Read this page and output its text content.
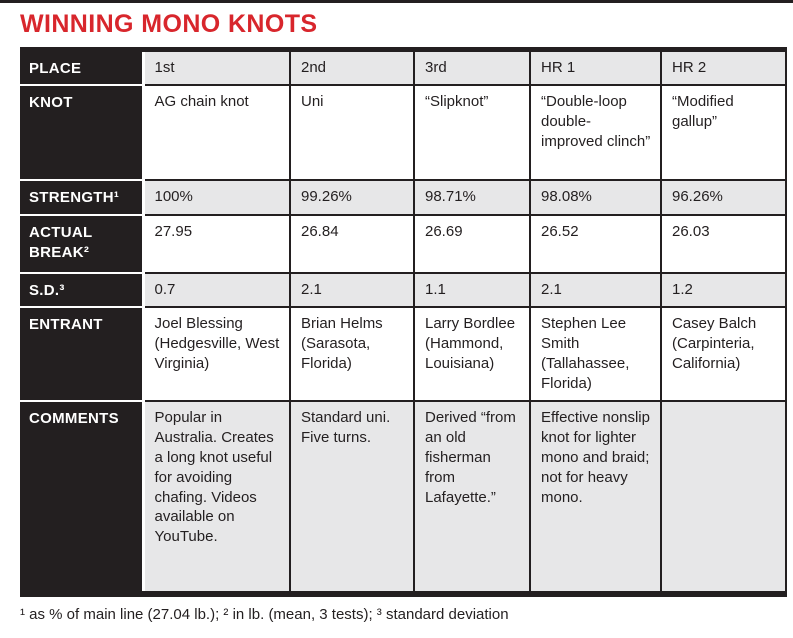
WINNING MONO KNOTS
PLACE	1st	2nd	3rd	HR 1	HR 2
KNOT	AG chain knot	Uni	“Slipknot”	“Double-loop double-improved clinch”	“Modified gallup”
STRENGTH¹	100%	99.26%	98.71%	98.08%	96.26%
ACTUAL BREAK²	27.95	26.84	26.69	26.52	26.03
S.D.³	0.7	2.1	1.1	2.1	1.2
ENTRANT	Joel Blessing (Hedgesville, West Virginia)	Brian Helms (Sarasota, Florida)	Larry Bordlee (Hammond, Louisiana)	Stephen Lee Smith (Tallahassee, Florida)	Casey Balch (Carpinteria, California)
COMMENTS	Popular in Australia. Creates a long knot useful for avoiding chafing. Videos available on YouTube.	Standard uni. Five turns.	Derived “from an old fisherman from Lafayette.”	Effective nonslip knot for lighter mono and braid; not for heavy mono.	

¹ as % of main line (27.04 lb.); ² in lb. (mean, 3 tests); ³ standard deviation
